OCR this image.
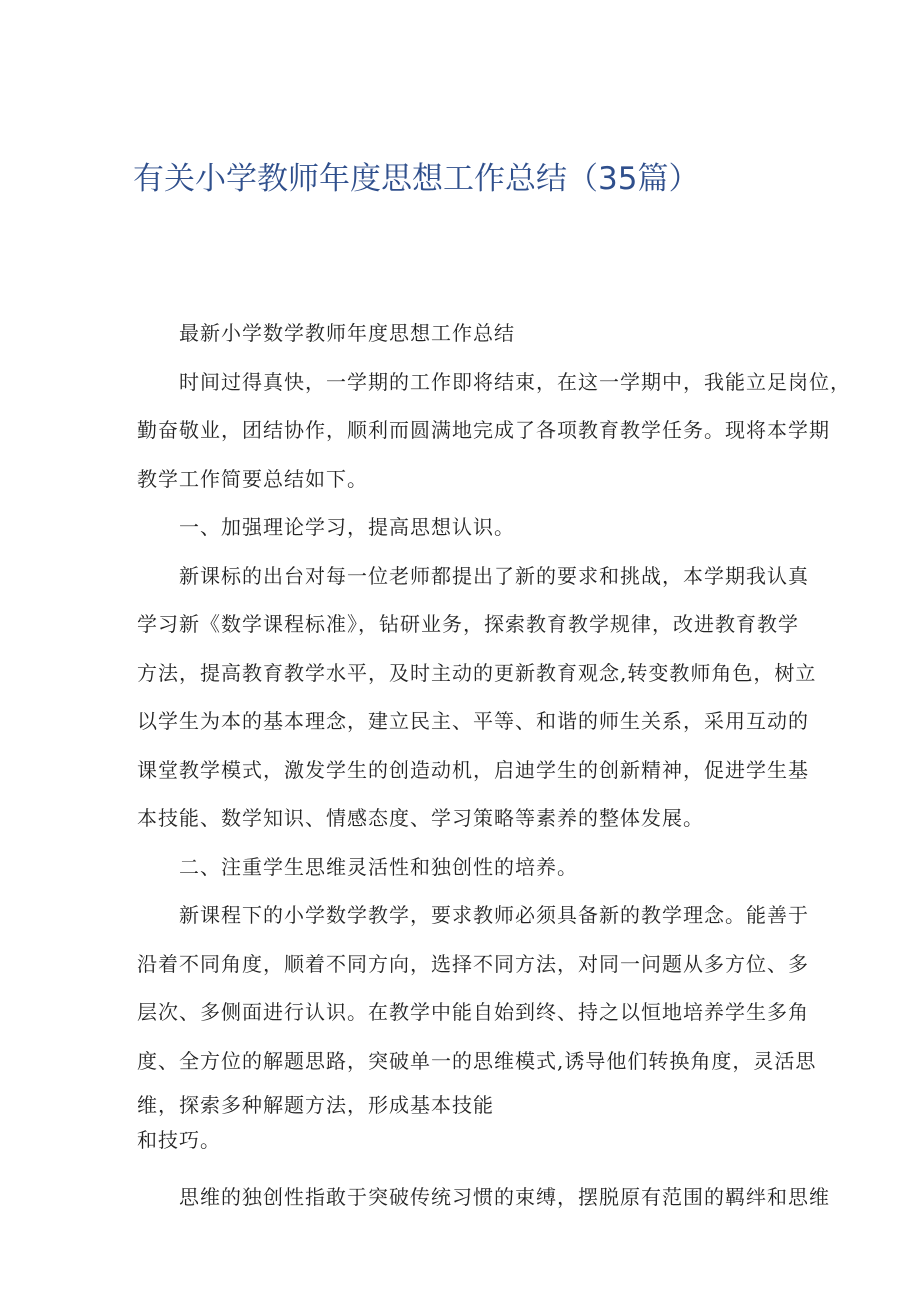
有关小学教师年度思想工作总结（35篇）
最新小学数学教师年度思想工作总结
时间过得真快，一学期的工作即将结束，在这一学期中，我能立足岗位，
勤奋敬业，团结协作，顺利而圆满地完成了各项教育教学任务。现将本学期
教学工作简要总结如下。
一、加强理论学习，提高思想认识。
新课标的出台对每一位老师都提出了新的要求和挑战，本学期我认真
学习新《数学课程标准》，钻研业务，探索教育教学规律，改进教育教学
方法，提高教育教学水平，及时主动的更新教育观念,转变教师角色，树立
以学生为本的基本理念，建立民主、平等、和谐的师生关系，采用互动的
课堂教学模式，激发学生的创造动机，启迪学生的创新精神，促进学生基
本技能、数学知识、情感态度、学习策略等素养的整体发展。
二、注重学生思维灵活性和独创性的培养。
新课程下的小学数学教学，要求教师必须具备新的教学理念。能善于
沿着不同角度，顺着不同方向，选择不同方法，对同一问题从多方位、多
层次、多侧面进行认识。在教学中能自始到终、持之以恒地培养学生多角
度、全方位的解题思路，突破单一的思维模式,诱导他们转换角度，灵活思
维，探索多种解题方法，形成基本技能
和技巧。
思维的独创性指敢于突破传统习惯的束缚，摆脱原有范围的羁绊和思维
